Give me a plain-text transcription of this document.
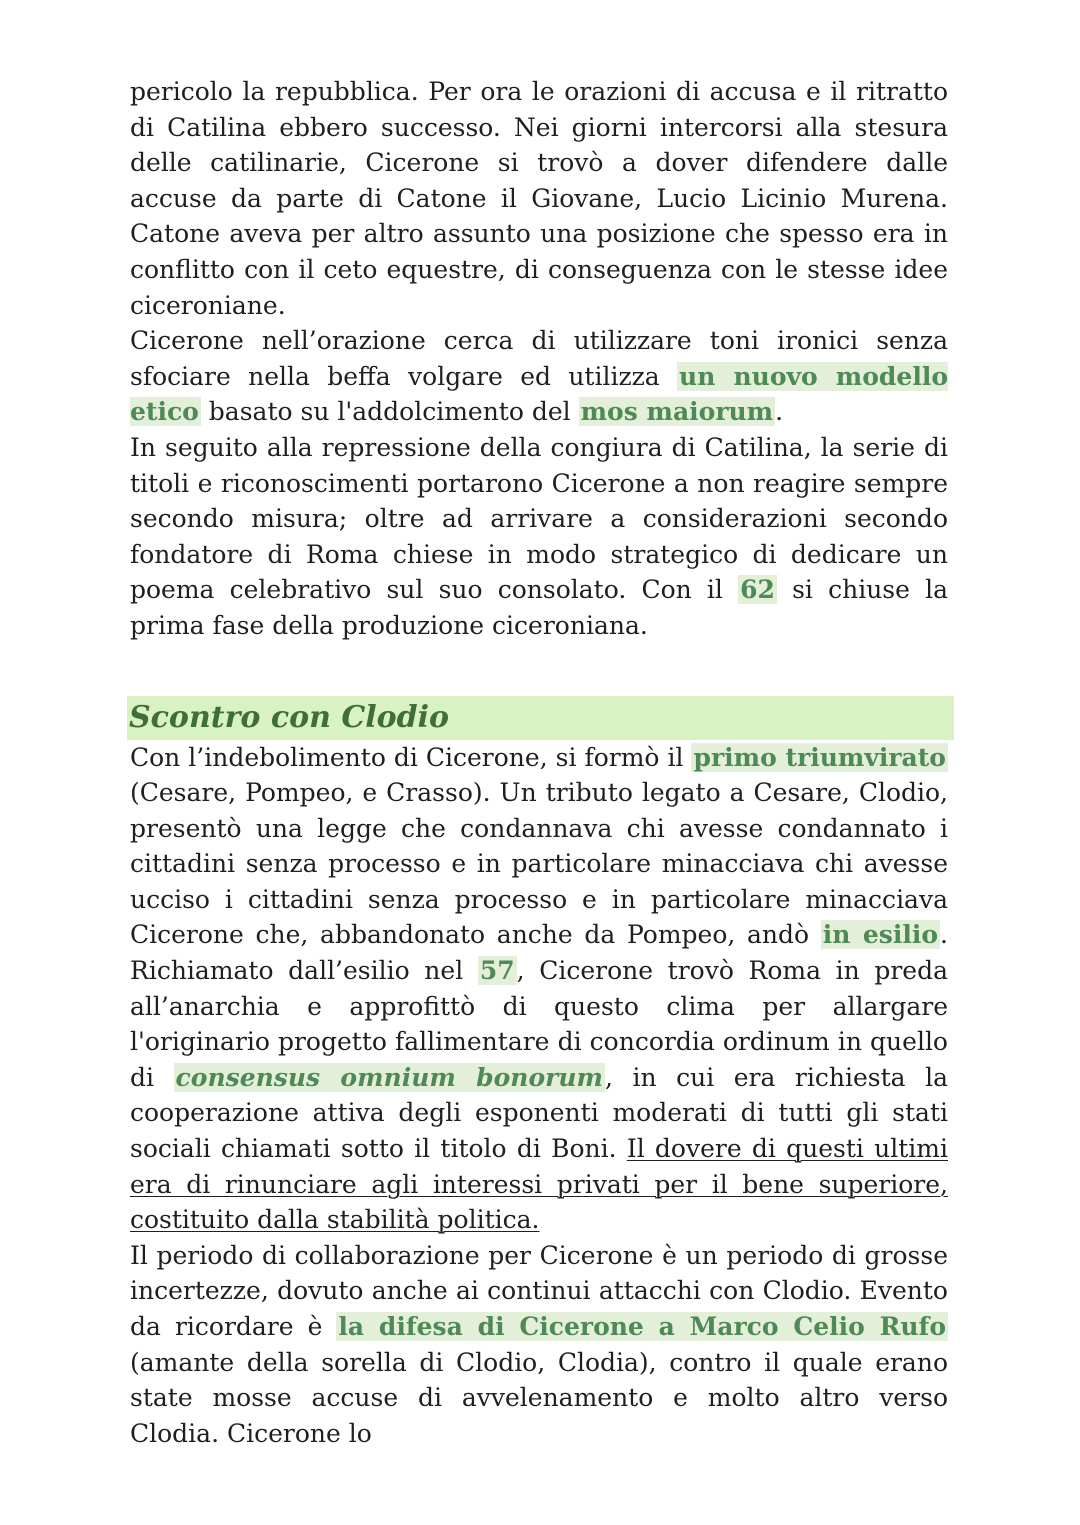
pericolo la repubblica. Per ora le orazioni di accusa e il ritratto di Catilina ebbero successo. Nei giorni intercorsi alla stesura delle catilinarie, Cicerone si trovò a dover difendere dalle accuse da parte di Catone il Giovane, Lucio Licinio Murena. Catone aveva per altro assunto una posizione che spesso era in conflitto con il ceto equestre, di conseguenza con le stesse idee ciceroniane.

Cicerone nell’orazione cerca di utilizzare toni ironici senza sfociare nella beffa volgare ed utilizza un nuovo modello etico basato su l'addolcimento del mos maiorum.

In seguito alla repressione della congiura di Catilina, la serie di titoli e riconoscimenti portarono Cicerone a non reagire sempre secondo misura; oltre ad arrivare a considerazioni secondo fondatore di Roma chiese in modo strategico di dedicare un poema celebrativo sul suo consolato. Con il 62 si chiuse la prima fase della produzione ciceroniana.

Scontro con Clodio

Con l’indebolimento di Cicerone, si formò il primo triumvirato (Cesare, Pompeo, e Crasso). Un tributo legato a Cesare, Clodio, presentò una legge che condannava chi avesse condannato i cittadini senza processo e in particolare minacciava chi avesse ucciso i cittadini senza processo e in particolare minacciava Cicerone che, abbandonato anche da Pompeo, andò in esilio. Richiamato dall’esilio nel 57, Cicerone trovò Roma in preda all’anarchia e approfittò di questo clima per allargare l'originario progetto fallimentare di concordia ordinum in quello di consensus omnium bonorum, in cui era richiesta la cooperazione attiva degli esponenti moderati di tutti gli stati sociali chiamati sotto il titolo di Boni. Il dovere di questi ultimi era di rinunciare agli interessi privati per il bene superiore, costituito dalla stabilità politica.

Il periodo di collaborazione per Cicerone è un periodo di grosse incertezze, dovuto anche ai continui attacchi con Clodio. Evento da ricordare è la difesa di Cicerone a Marco Celio Rufo (amante della sorella di Clodio, Clodia), contro il quale erano state mosse accuse di avvelenamento e molto altro verso Clodia. Cicerone lo
